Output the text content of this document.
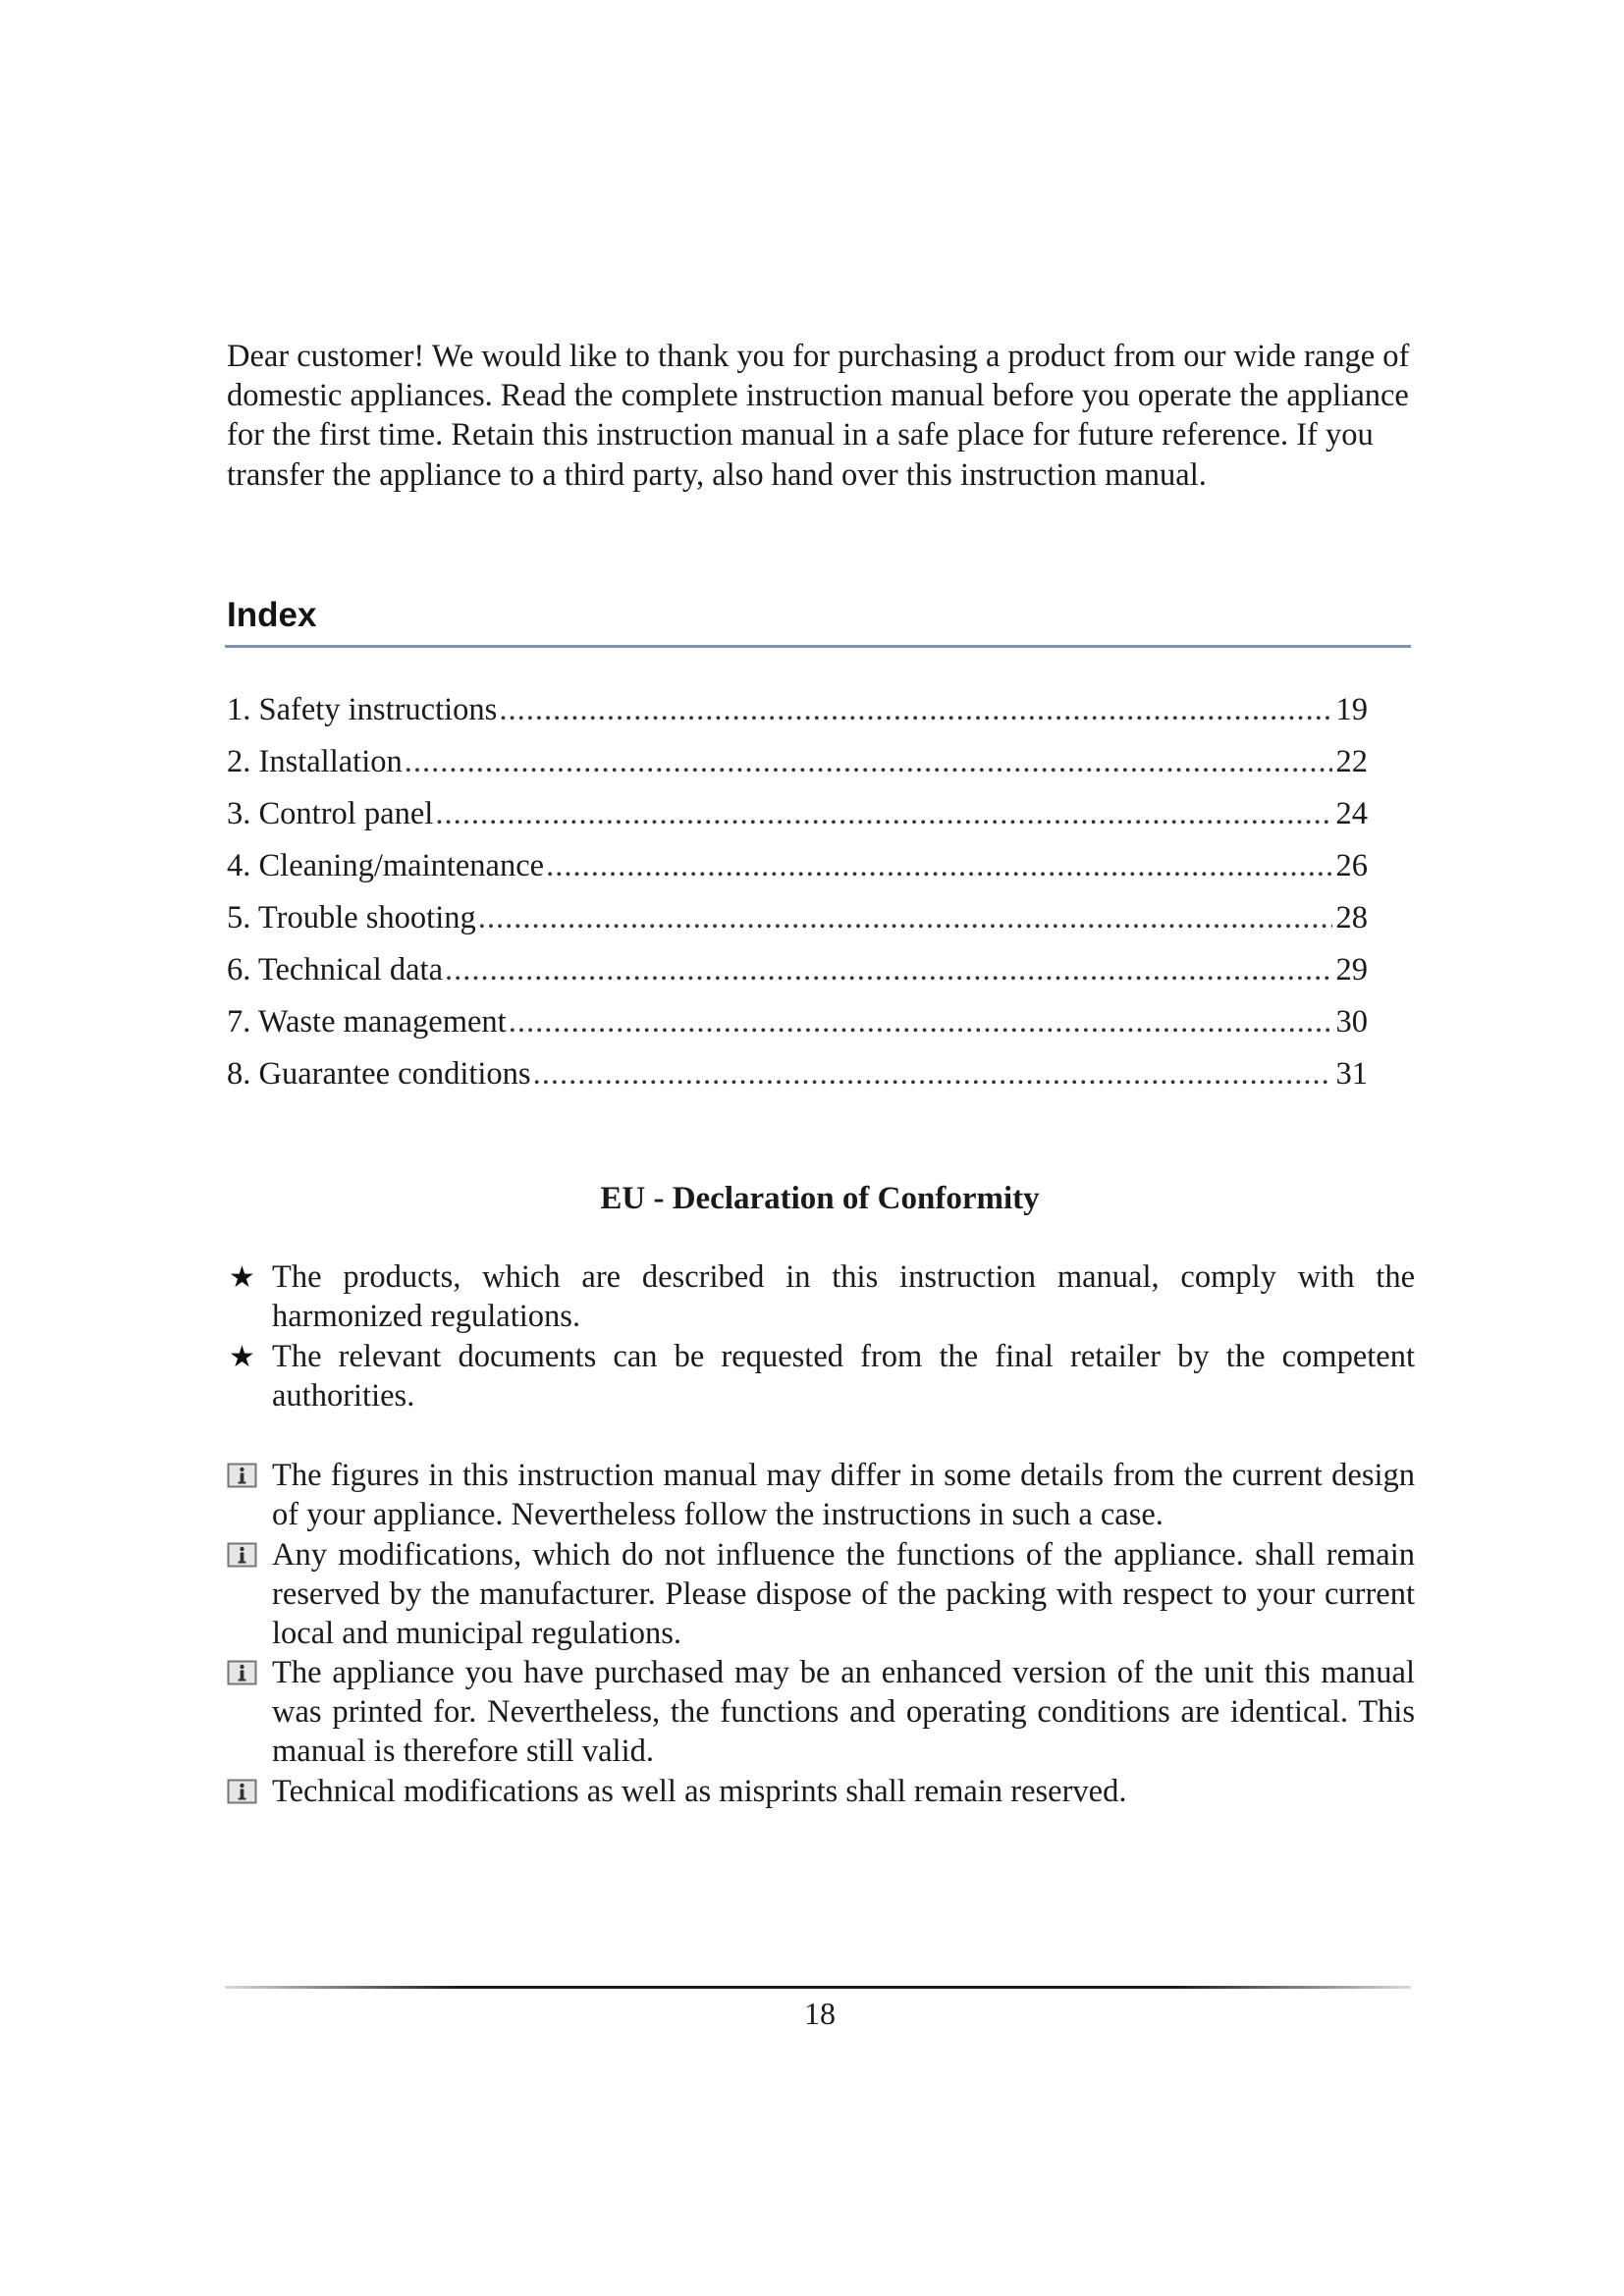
Dear customer! We would like to thank you for purchasing a product from our wide range of domestic appliances. Read the complete instruction manual before you operate the appliance for the first time. Retain this instruction manual in a safe place for future reference. If you transfer the appliance to a third party, also hand over this instruction manual.

Index
1. Safety instructions .....	19
2. Installation .....	22
3. Control panel .....	24
4. Cleaning/maintenance .....	26
5. Trouble shooting .....	28
6. Technical data .....	29
7. Waste management .....	30
8. Guarantee conditions .....	31
EU - Declaration of Conformity
★ The products, which are described in this instruction manual, comply with the harmonized regulations.
★ The relevant documents can be requested from the final retailer by the competent authorities.
The figures in this instruction manual may differ in some details from the current design of your appliance. Nevertheless follow the instructions in such a case.
Any modifications, which do not influence the functions of the appliance. shall remain reserved by the manufacturer. Please dispose of the packing with respect to your current local and municipal regulations.
The appliance you have purchased may be an enhanced version of the unit this manual was printed for. Nevertheless, the functions and operating conditions are identical. This manual is therefore still valid.
Technical modifications as well as misprints shall remain reserved.

18
